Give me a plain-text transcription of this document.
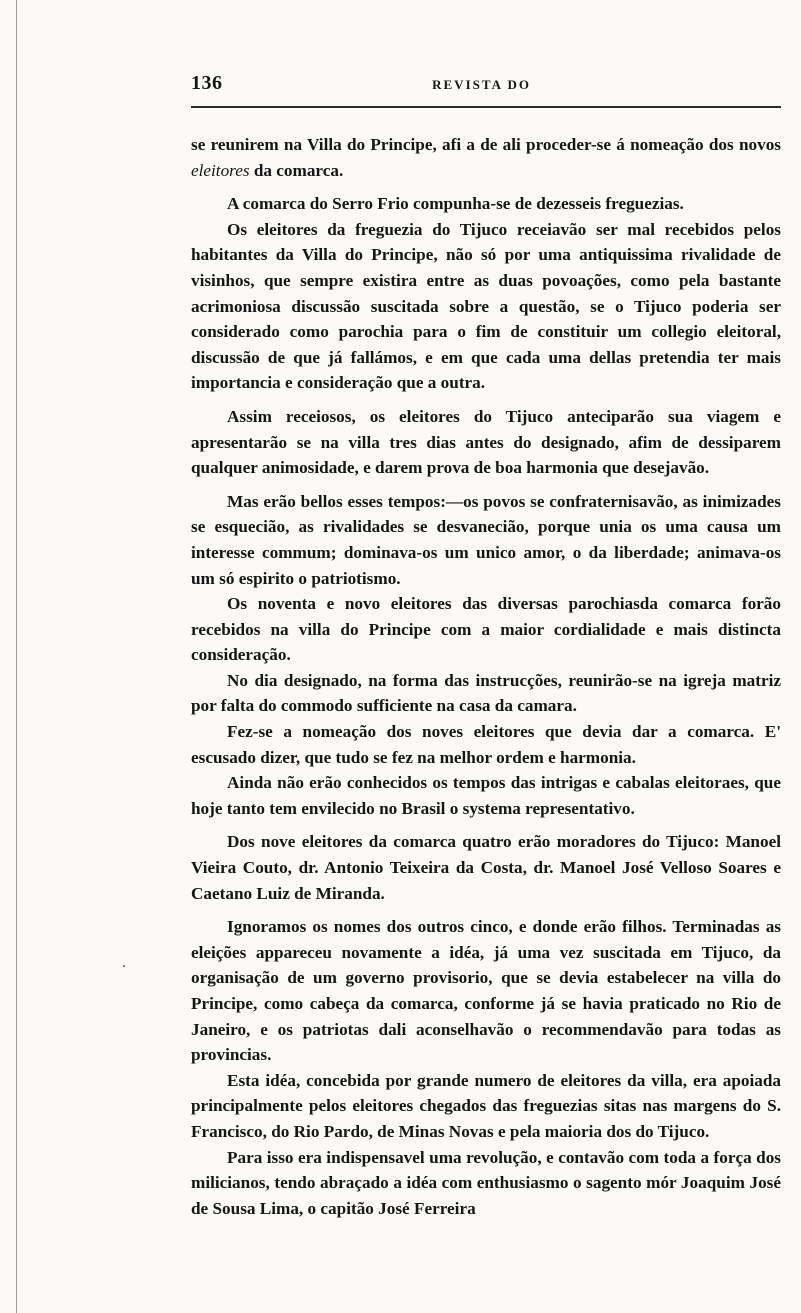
136	REVISTA DO

se reunirem na Villa do Principe, afi a de ali proceder-se á nomeação dos novos eleitores da comarca.

A comarca do Serro Frio compunha-se de dezesseis freguezias.

Os eleitores da freguezia do Tijuco receiavão ser mal recebidos pelos habitantes da Villa do Principe, não só por uma antiquissima rivalidade de visinhos, que sempre existira entre as duas povoações, como pela bastante acrimoniosa discussão suscitada sobre a questão, se o Tijuco poderia ser considerado como parochia para o fim de constituir um collegio eleitoral, discussão de que já fallámos, e em que cada uma dellas pretendia ter mais importancia e consideração que a outra.

Assim receiosos, os eleitores do Tijuco anteciparão sua viagem e apresentarão se na villa tres dias antes do designado, afim de dessiparem qualquer animosidade, e darem prova de boa harmonia que desejavão.

Mas erão bellos esses tempos:—os povos se confraternisavão, as inimizades se esquecião, as rivalidades se desvanecião, porque unia os uma causa um interesse commum; dominava-os um unico amor, o da liberdade; animava-os um só espirito o patriotismo.

Os noventa e novo eleitores das diversas parochiasda comarca forão recebidos na villa do Principe com a maior cordialidade e mais distincta consideração.

No dia designado, na forma das instrucções, reunirão-se na igreja matriz por falta do commodo sufficiente na casa da camara.

Fez-se a nomeação dos noves eleitores que devia dar a comarca. E' escusado dizer, que tudo se fez na melhor ordem e harmonia.

Ainda não erão conhecidos os tempos das intrigas e cabalas eleitoraes, que hoje tanto tem envilecido no Brasil o systema representativo.

Dos nove eleitores da comarca quatro erão moradores do Tijuco: Manoel Vieira Couto, dr. Antonio Teixeira da Costa, dr. Manoel José Velloso Soares e Caetano Luiz de Miranda.

Ignoramos os nomes dos outros cinco, e donde erão filhos. Terminadas as eleições appareceu novamente a idéa, já uma vez suscitada em Tijuco, da organisação de um governo provisorio, que se devia estabelecer na villa do Principe, como cabeça da comarca, conforme já se havia praticado no Rio de Janeiro, e os patriotas dali aconselhavão o recommendavão para todas as provincias.

Esta idéa, concebida por grande numero de eleitores da villa, era apoiada principalmente pelos eleitores chegados das freguezias sitas nas margens do S. Francisco, do Rio Pardo, de Minas Novas e pela maioria dos do Tijuco.

Para isso era indispensavel uma revolução, e contavão com toda a força dos milicianos, tendo abraçado a idéa com enthusiasmo o sagento mór Joaquim José de Sousa Lima, o capitão José Ferreira
